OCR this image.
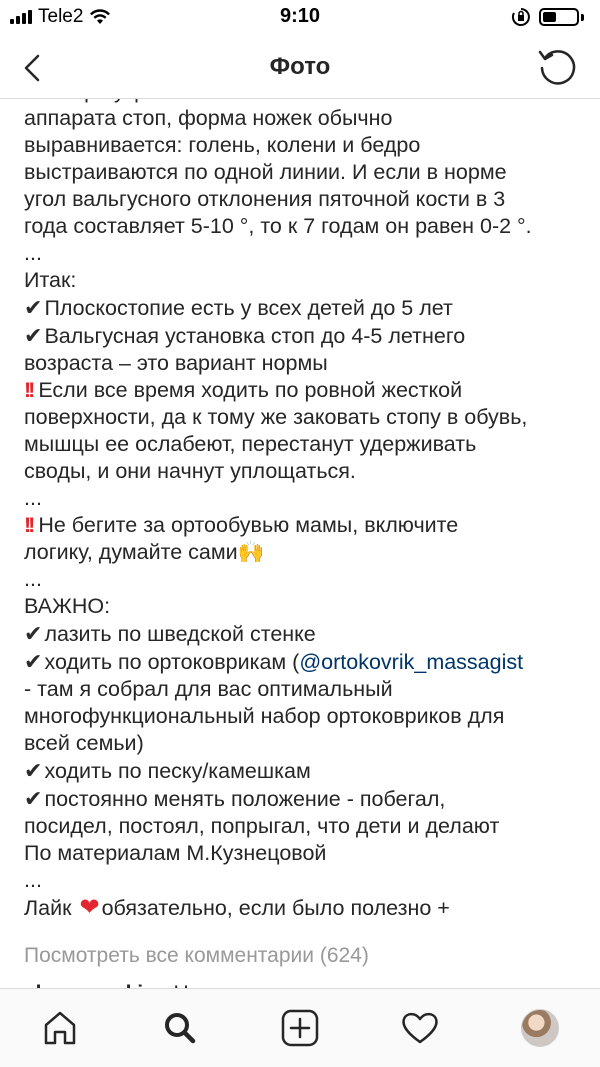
Tele2	9:10
Фото
аппарата стоп, форма ножек обычно
выравнивается: голень, колени и бедро
выстраиваются по одной линии. И если в норме
угол вальгусного отклонения пяточной кости в 3
года составляет 5-10 °, то к 7 годам он равен 0-2 °.
...
Итак:
✔Плоскостопие есть у всех детей до 5 лет
✔Вальгусная установка стоп до 4-5 летнего
возраста – это вариант нормы
!! Если все время ходить по ровной жесткой
поверхности, да к тому же заковать стопу в обувь,
мышцы ее ослабеют, перестанут удерживать
своды, и они начнут уплощаться.
...
!! Не бегите за ортообувью мамы, включите
логику, думайте сами🙌
...
ВАЖНО:
✔лазить по шведской стенке
✔ходить по ортоковрикам (@ortokovrik_massagist
- там я собрал для вас оптимальный
многофункциональный набор ортоковриков для
всей семьи)
✔ходить по песку/камешкам
✔постоянно менять положение - побегал,
посидел, постоял, попрыгал, что дети и делают
По материалам М.Кузнецовой
...
Лайк ❤обязательно, если было полезно +
Посмотреть все комментарии (624)
